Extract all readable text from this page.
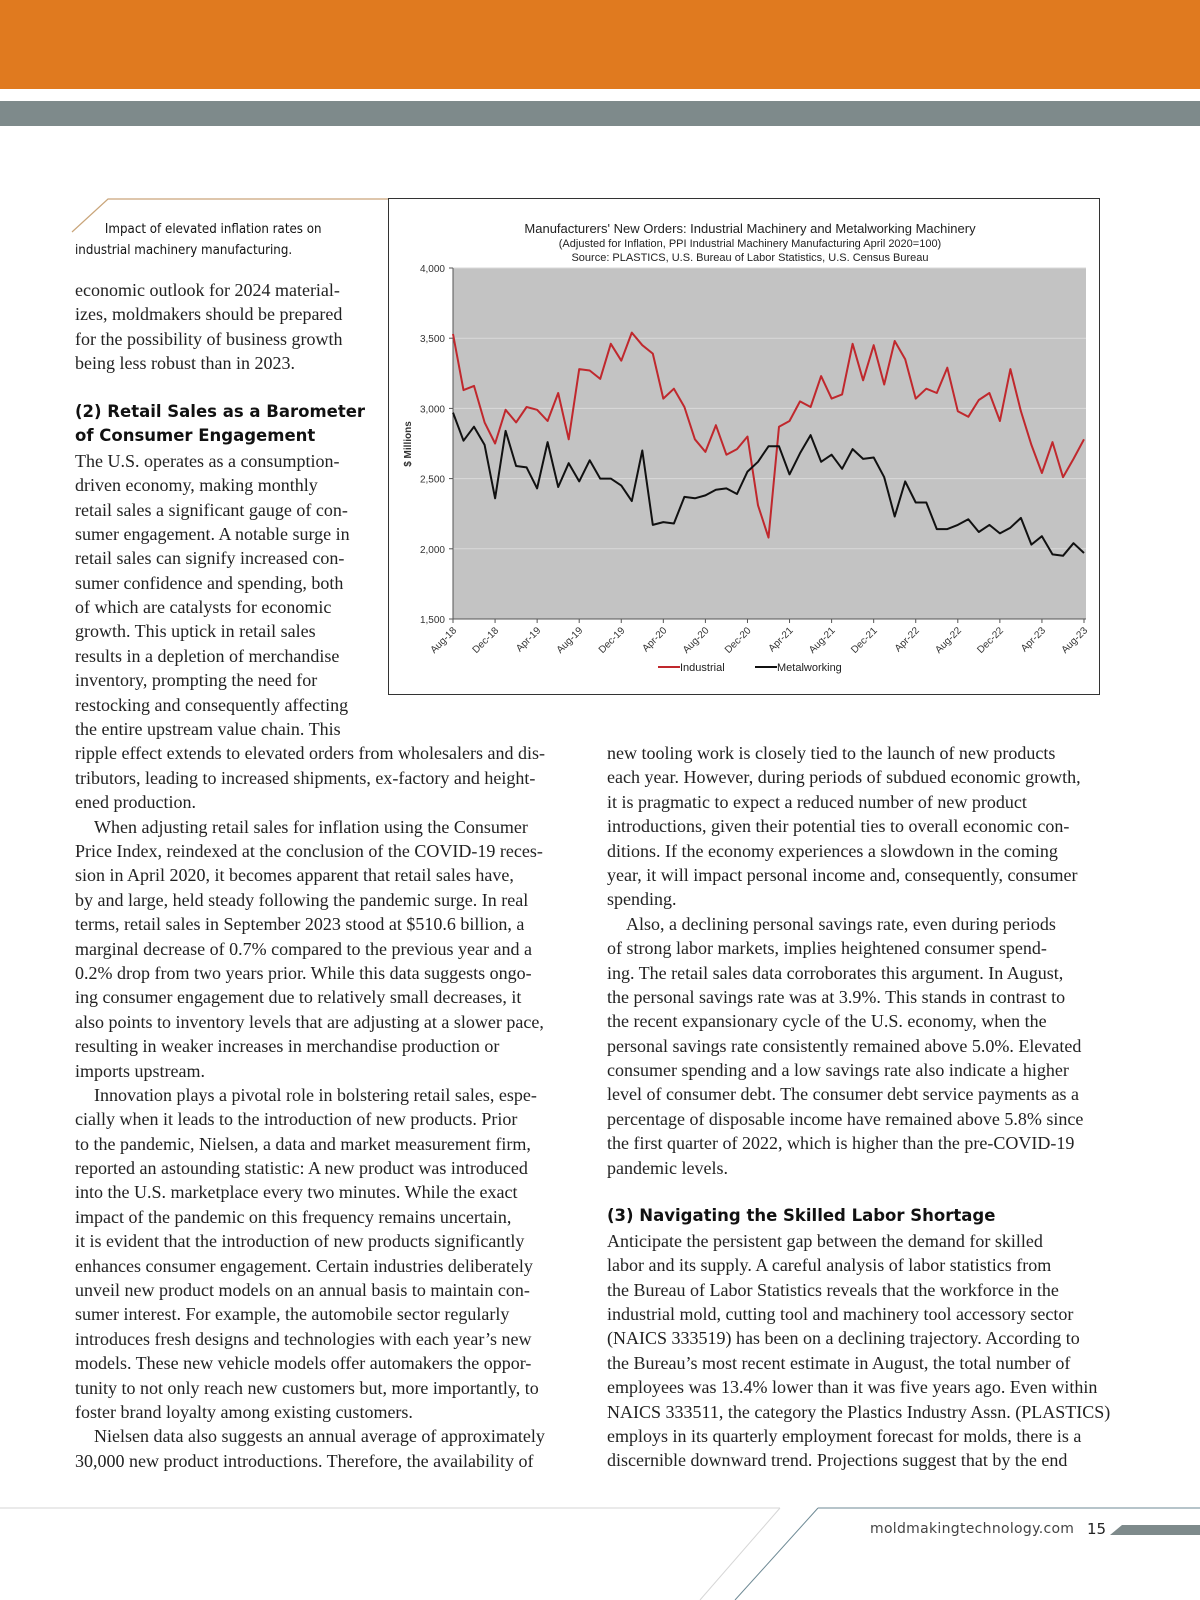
Impact of elevated inflation rates on
industrial machinery manufacturing.
Manufacturers' New Orders: Industrial Machinery and Metalworking Machinery
(Adjusted for Inflation, PPI Industrial Machinery Manufacturing April 2020=100)
Source: PLASTICS, U.S. Bureau of Labor Statistics, U.S. Census Bureau
1,500
2,000
2,500
3,000
3,500
4,000
$ Millions
Aug-18 Dec-18 Apr-19 Aug-19 Dec-19 Apr-20 Aug-20 Dec-20 Apr-21 Aug-21 Dec-21 Apr-22 Aug-22 Dec-22 Apr-23 Aug-23
Industrial	Metalworking
economic outlook for 2024 material-
izes, moldmakers should be prepared
for the possibility of business growth
being less robust than in 2023.
(2) Retail Sales as a Barometer
of Consumer Engagement
The U.S. operates as a consumption-
driven economy, making monthly
retail sales a significant gauge of con-
sumer engagement. A notable surge in
retail sales can signify increased con-
sumer confidence and spending, both
of which are catalysts for economic
growth. This uptick in retail sales
results in a depletion of merchandise
inventory, prompting the need for
restocking and consequently affecting
the entire upstream value chain. This
ripple effect extends to elevated orders from wholesalers and dis-
tributors, leading to increased shipments, ex-factory and height-
ened production.
When adjusting retail sales for inflation using the Consumer
Price Index, reindexed at the conclusion of the COVID-19 reces-
sion in April 2020, it becomes apparent that retail sales have,
by and large, held steady following the pandemic surge. In real
terms, retail sales in September 2023 stood at $510.6 billion, a
marginal decrease of 0.7% compared to the previous year and a
0.2% drop from two years prior. While this data suggests ongo-
ing consumer engagement due to relatively small decreases, it
also points to inventory levels that are adjusting at a slower pace,
resulting in weaker increases in merchandise production or
imports upstream.
Innovation plays a pivotal role in bolstering retail sales, espe-
cially when it leads to the introduction of new products. Prior
to the pandemic, Nielsen, a data and market measurement firm,
reported an astounding statistic: A new product was introduced
into the U.S. marketplace every two minutes. While the exact
impact of the pandemic on this frequency remains uncertain,
it is evident that the introduction of new products significantly
enhances consumer engagement. Certain industries deliberately
unveil new product models on an annual basis to maintain con-
sumer interest. For example, the automobile sector regularly
introduces fresh designs and technologies with each year’s new
models. These new vehicle models offer automakers the oppor-
tunity to not only reach new customers but, more importantly, to
foster brand loyalty among existing customers.
Nielsen data also suggests an annual average of approximately
30,000 new product introductions. Therefore, the availability of
new tooling work is closely tied to the launch of new products
each year. However, during periods of subdued economic growth,
it is pragmatic to expect a reduced number of new product
introductions, given their potential ties to overall economic con-
ditions. If the economy experiences a slowdown in the coming
year, it will impact personal income and, consequently, consumer
spending.
Also, a declining personal savings rate, even during periods
of strong labor markets, implies heightened consumer spend-
ing. The retail sales data corroborates this argument. In August,
the personal savings rate was at 3.9%. This stands in contrast to
the recent expansionary cycle of the U.S. economy, when the
personal savings rate consistently remained above 5.0%. Elevated
consumer spending and a low savings rate also indicate a higher
level of consumer debt. The consumer debt service payments as a
percentage of disposable income have remained above 5.8% since
the first quarter of 2022, which is higher than the pre-COVID-19
pandemic levels.
(3) Navigating the Skilled Labor Shortage
Anticipate the persistent gap between the demand for skilled
labor and its supply. A careful analysis of labor statistics from
the Bureau of Labor Statistics reveals that the workforce in the
industrial mold, cutting tool and machinery tool accessory sector
(NAICS 333519) has been on a declining trajectory. According to
the Bureau’s most recent estimate in August, the total number of
employees was 13.4% lower than it was five years ago. Even within
NAICS 333511, the category the Plastics Industry Assn. (PLASTICS)
employs in its quarterly employment forecast for molds, there is a
discernible downward trend. Projections suggest that by the end
moldmakingtechnology.com 15
